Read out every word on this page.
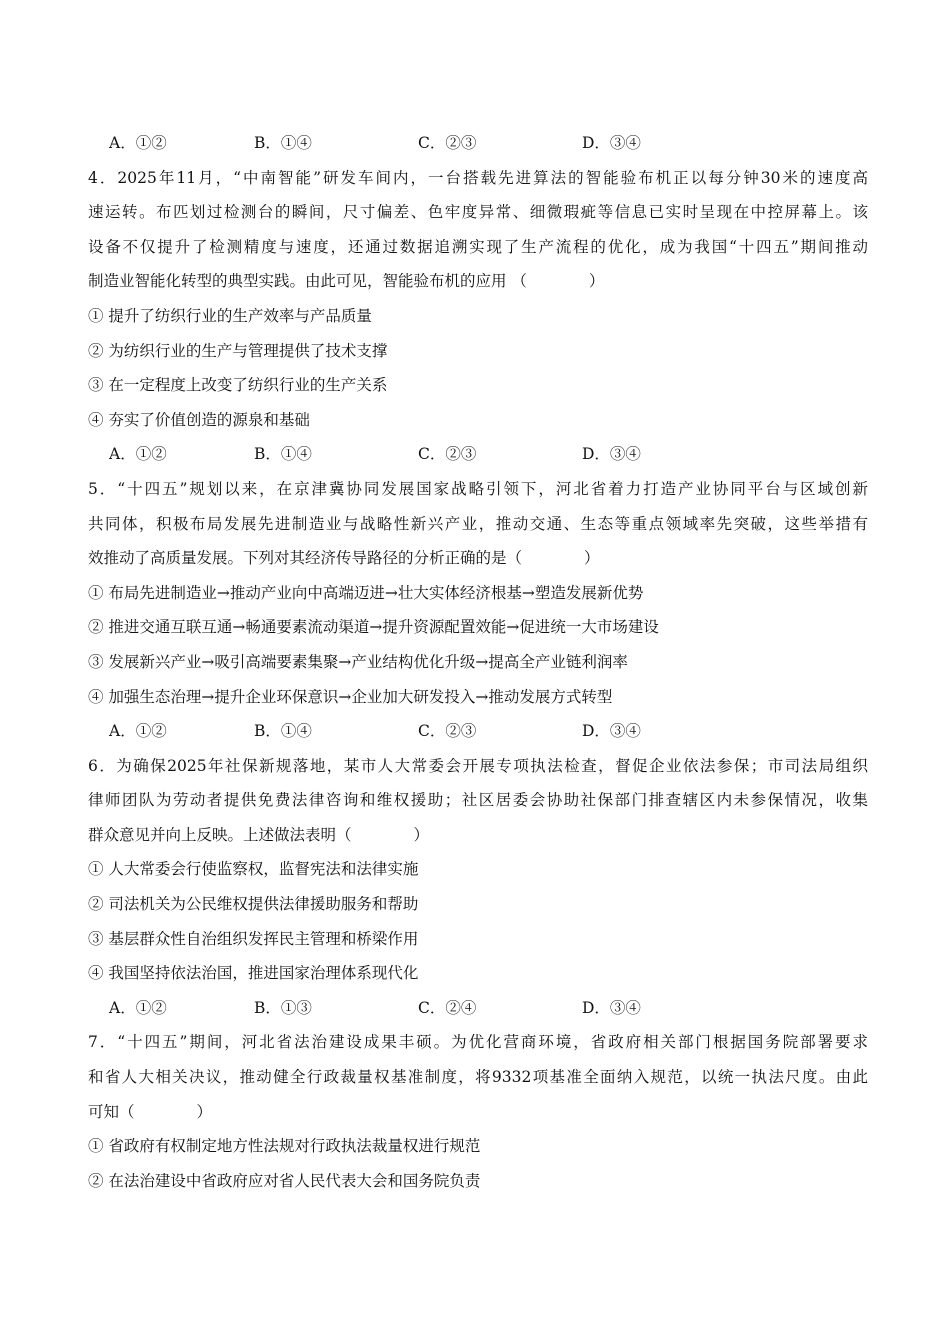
A．①②	B．①④	C．②③	D．③④
4．2025年11月，“中南智能”研发车间内，一台搭载先进算法的智能验布机正以每分钟30米的速度高
速运转。布匹划过检测台的瞬间，尺寸偏差、色牢度异常、细微瑕疵等信息已实时呈现在中控屏幕上。该
设备不仅提升了检测精度与速度，还通过数据追溯实现了生产流程的优化，成为我国“十四五”期间推动
制造业智能化转型的典型实践。由此可见，智能验布机的应用 （　　　　）
① 提升了纺织行业的生产效率与产品质量
② 为纺织行业的生产与管理提供了技术支撑
③ 在一定程度上改变了纺织行业的生产关系
④ 夯实了价值创造的源泉和基础
A．①②	B．①④	C．②③	D．③④
5．“十四五”规划以来，在京津冀协同发展国家战略引领下，河北省着力打造产业协同平台与区域创新
共同体，积极布局发展先进制造业与战略性新兴产业，推动交通、生态等重点领域率先突破，这些举措有
效推动了高质量发展。下列对其经济传导路径的分析正确的是（　　　　）
① 布局先进制造业→推动产业向中高端迈进→壮大实体经济根基→塑造发展新优势
② 推进交通互联互通→畅通要素流动渠道→提升资源配置效能→促进统一大市场建设
③ 发展新兴产业→吸引高端要素集聚→产业结构优化升级→提高全产业链利润率
④ 加强生态治理→提升企业环保意识→企业加大研发投入→推动发展方式转型
A．①②	B．①④	C．②③	D．③④
6．为确保2025年社保新规落地，某市人大常委会开展专项执法检查，督促企业依法参保；市司法局组织
律师团队为劳动者提供免费法律咨询和维权援助；社区居委会协助社保部门排查辖区内未参保情况，收集
群众意见并向上反映。上述做法表明（　　　　）
① 人大常委会行使监察权，监督宪法和法律实施
② 司法机关为公民维权提供法律援助服务和帮助
③ 基层群众性自治组织发挥民主管理和桥梁作用
④ 我国坚持依法治国，推进国家治理体系现代化
A．①②	B．①③	C．②④	D．③④
7．“十四五”期间，河北省法治建设成果丰硕。为优化营商环境，省政府相关部门根据国务院部署要求
和省人大相关决议，推动健全行政裁量权基准制度，将9332项基准全面纳入规范，以统一执法尺度。由此
可知（　　　　）
① 省政府有权制定地方性法规对行政执法裁量权进行规范
② 在法治建设中省政府应对省人民代表大会和国务院负责
